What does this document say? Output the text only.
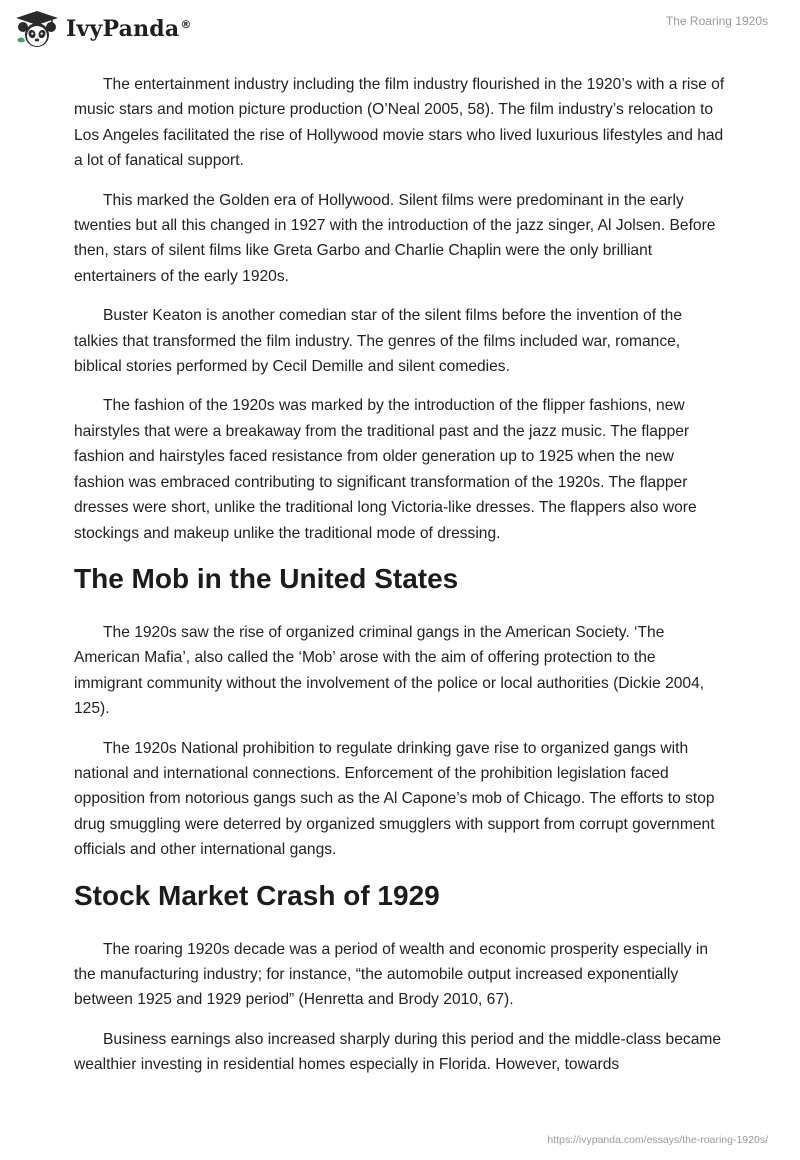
IvyPanda®	The Roaring 1920s

The entertainment industry including the film industry flourished in the 1920’s with a rise of music stars and motion picture production (O’Neal 2005, 58). The film industry’s relocation to Los Angeles facilitated the rise of Hollywood movie stars who lived luxurious lifestyles and had a lot of fanatical support.

This marked the Golden era of Hollywood. Silent films were predominant in the early twenties but all this changed in 1927 with the introduction of the jazz singer, Al Jolsen. Before then, stars of silent films like Greta Garbo and Charlie Chaplin were the only brilliant entertainers of the early 1920s.

Buster Keaton is another comedian star of the silent films before the invention of the talkies that transformed the film industry. The genres of the films included war, romance, biblical stories performed by Cecil Demille and silent comedies.

The fashion of the 1920s was marked by the introduction of the flipper fashions, new hairstyles that were a breakaway from the traditional past and the jazz music. The flapper fashion and hairstyles faced resistance from older generation up to 1925 when the new fashion was embraced contributing to significant transformation of the 1920s. The flapper dresses were short, unlike the traditional long Victoria-like dresses. The flappers also wore stockings and makeup unlike the traditional mode of dressing.

The Mob in the United States

The 1920s saw the rise of organized criminal gangs in the American Society. ‘The American Mafia’, also called the ‘Mob’ arose with the aim of offering protection to the immigrant community without the involvement of the police or local authorities (Dickie 2004, 125).

The 1920s National prohibition to regulate drinking gave rise to organized gangs with national and international connections. Enforcement of the prohibition legislation faced opposition from notorious gangs such as the Al Capone’s mob of Chicago. The efforts to stop drug smuggling were deterred by organized smugglers with support from corrupt government officials and other international gangs.

Stock Market Crash of 1929

The roaring 1920s decade was a period of wealth and economic prosperity especially in the manufacturing industry; for instance, “the automobile output increased exponentially between 1925 and 1929 period” (Henretta and Brody 2010, 67).

Business earnings also increased sharply during this period and the middle-class became wealthier investing in residential homes especially in Florida. However, towards

https://ivypanda.com/essays/the-roaring-1920s/
